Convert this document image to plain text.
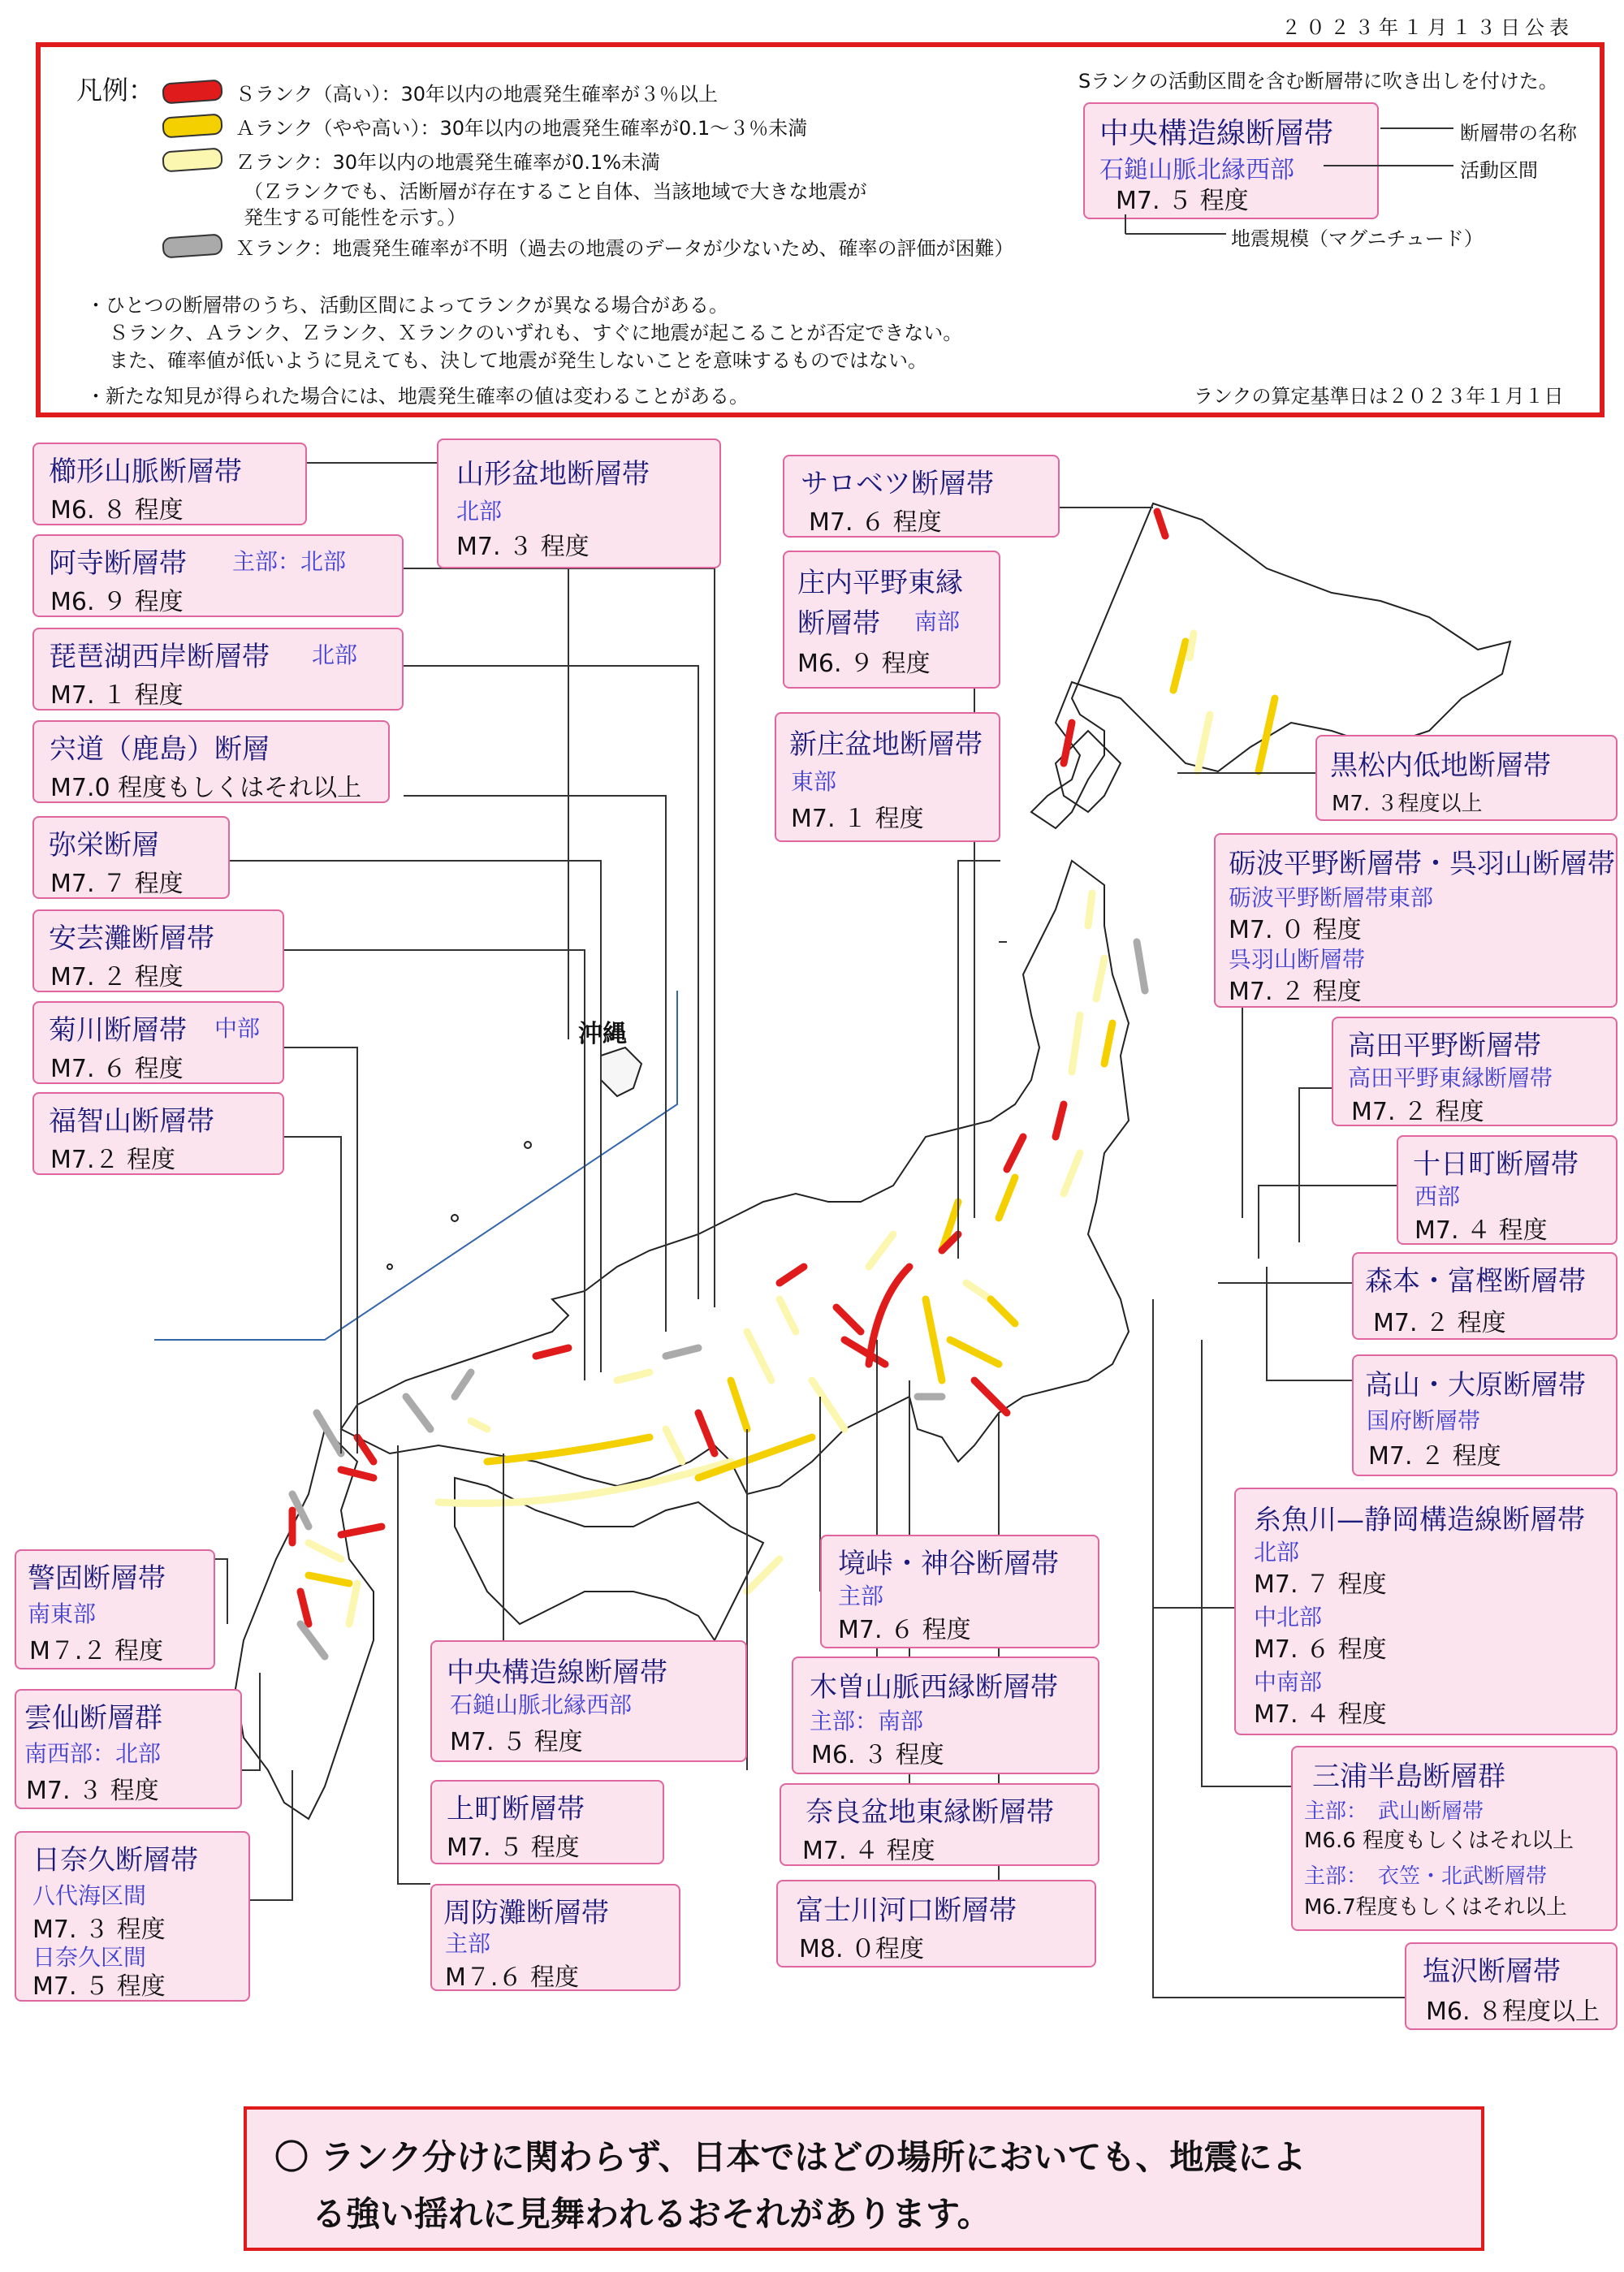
２０２３年１月１３日公表
凡例：	Ｓランク（高い）：30年以内の地震発生確率が３％以上
Ａランク（やや高い）：30年以内の地震発生確率が0.1～３％未満
Ｚランク：30年以内の地震発生確率が0.1%未満
（Ｚランクでも、活断層が存在すること自体、当該地域で大きな地震が
発生する可能性を示す。）
Ｘランク：地震発生確率が不明（過去の地震のデータが少ないため、確率の評価が困難）
・ひとつの断層帯のうち、活動区間によってランクが異なる場合がある。
Ｓランク、Ａランク、Ｚランク、Ｘランクのいずれも、すぐに地震が起こることが否定できない。
また、確率値が低いように見えても、決して地震が発生しないことを意味するものではない。
・新たな知見が得られた場合には、地震発生確率の値は変わることがある。
Sランクの活動区間を含む断層帯に吹き出しを付けた。
中央構造線断層帯
石鎚山脈北縁西部
M7. ５ 程度
断層帯の名称
活動区間
地震規模（マグニチュード）
ランクの算定基準日は２０２３年１月１日
沖縄
櫛形山脈断層帯
M6. ８ 程度
阿寺断層帯 主部：北部
M6. ９ 程度
琵琶湖西岸断層帯 北部
M7. １ 程度
宍道（鹿島）断層
M7.0 程度もしくはそれ以上
弥栄断層
M7. ７ 程度
安芸灘断層帯
M7. ２ 程度
菊川断層帯 中部
M7. ６ 程度
福智山断層帯
M7.２ 程度
警固断層帯
南東部
M７.２ 程度
雲仙断層群
南西部：北部
M7. ３ 程度
日奈久断層帯
八代海区間
M7. ３ 程度
日奈久区間
M7. ５ 程度
山形盆地断層帯
北部
M7. ３ 程度
サロベツ断層帯
M7. ６ 程度
庄内平野東縁
断層帯 南部
M6. ９ 程度
新庄盆地断層帯
東部
M7. １ 程度
黒松内低地断層帯
M7. ３程度以上
砺波平野断層帯・呉羽山断層帯
砺波平野断層帯東部
M7. ０ 程度
呉羽山断層帯
M7. ２ 程度
高田平野断層帯
高田平野東縁断層帯
M7. ２ 程度
十日町断層帯
西部
M7. ４ 程度
森本・富樫断層帯
M7. ２ 程度
高山・大原断層帯
国府断層帯
M7. ２ 程度
糸魚川—静岡構造線断層帯
北部
M7. ７ 程度
中北部
M7. ６ 程度
中南部
M7. ４ 程度
三浦半島断層群
主部：　武山断層帯
M6.6 程度もしくはそれ以上
主部：　衣笠・北武断層帯
M6.7程度もしくはそれ以上
塩沢断層帯
M6. ８程度以上
境峠・神谷断層帯
主部
M7. ６ 程度
木曽山脈西縁断層帯
主部：南部
M6. ３ 程度
奈良盆地東縁断層帯
M7. ４ 程度
富士川河口断層帯
M8. ０程度
中央構造線断層帯
石鎚山脈北縁西部
M7. ５ 程度
上町断層帯
M7. ５ 程度
周防灘断層帯
主部
M７.６ 程度
〇 ランク分けに関わらず、日本ではどの場所においても、地震によ
る強い揺れに見舞われるおそれがあります。
